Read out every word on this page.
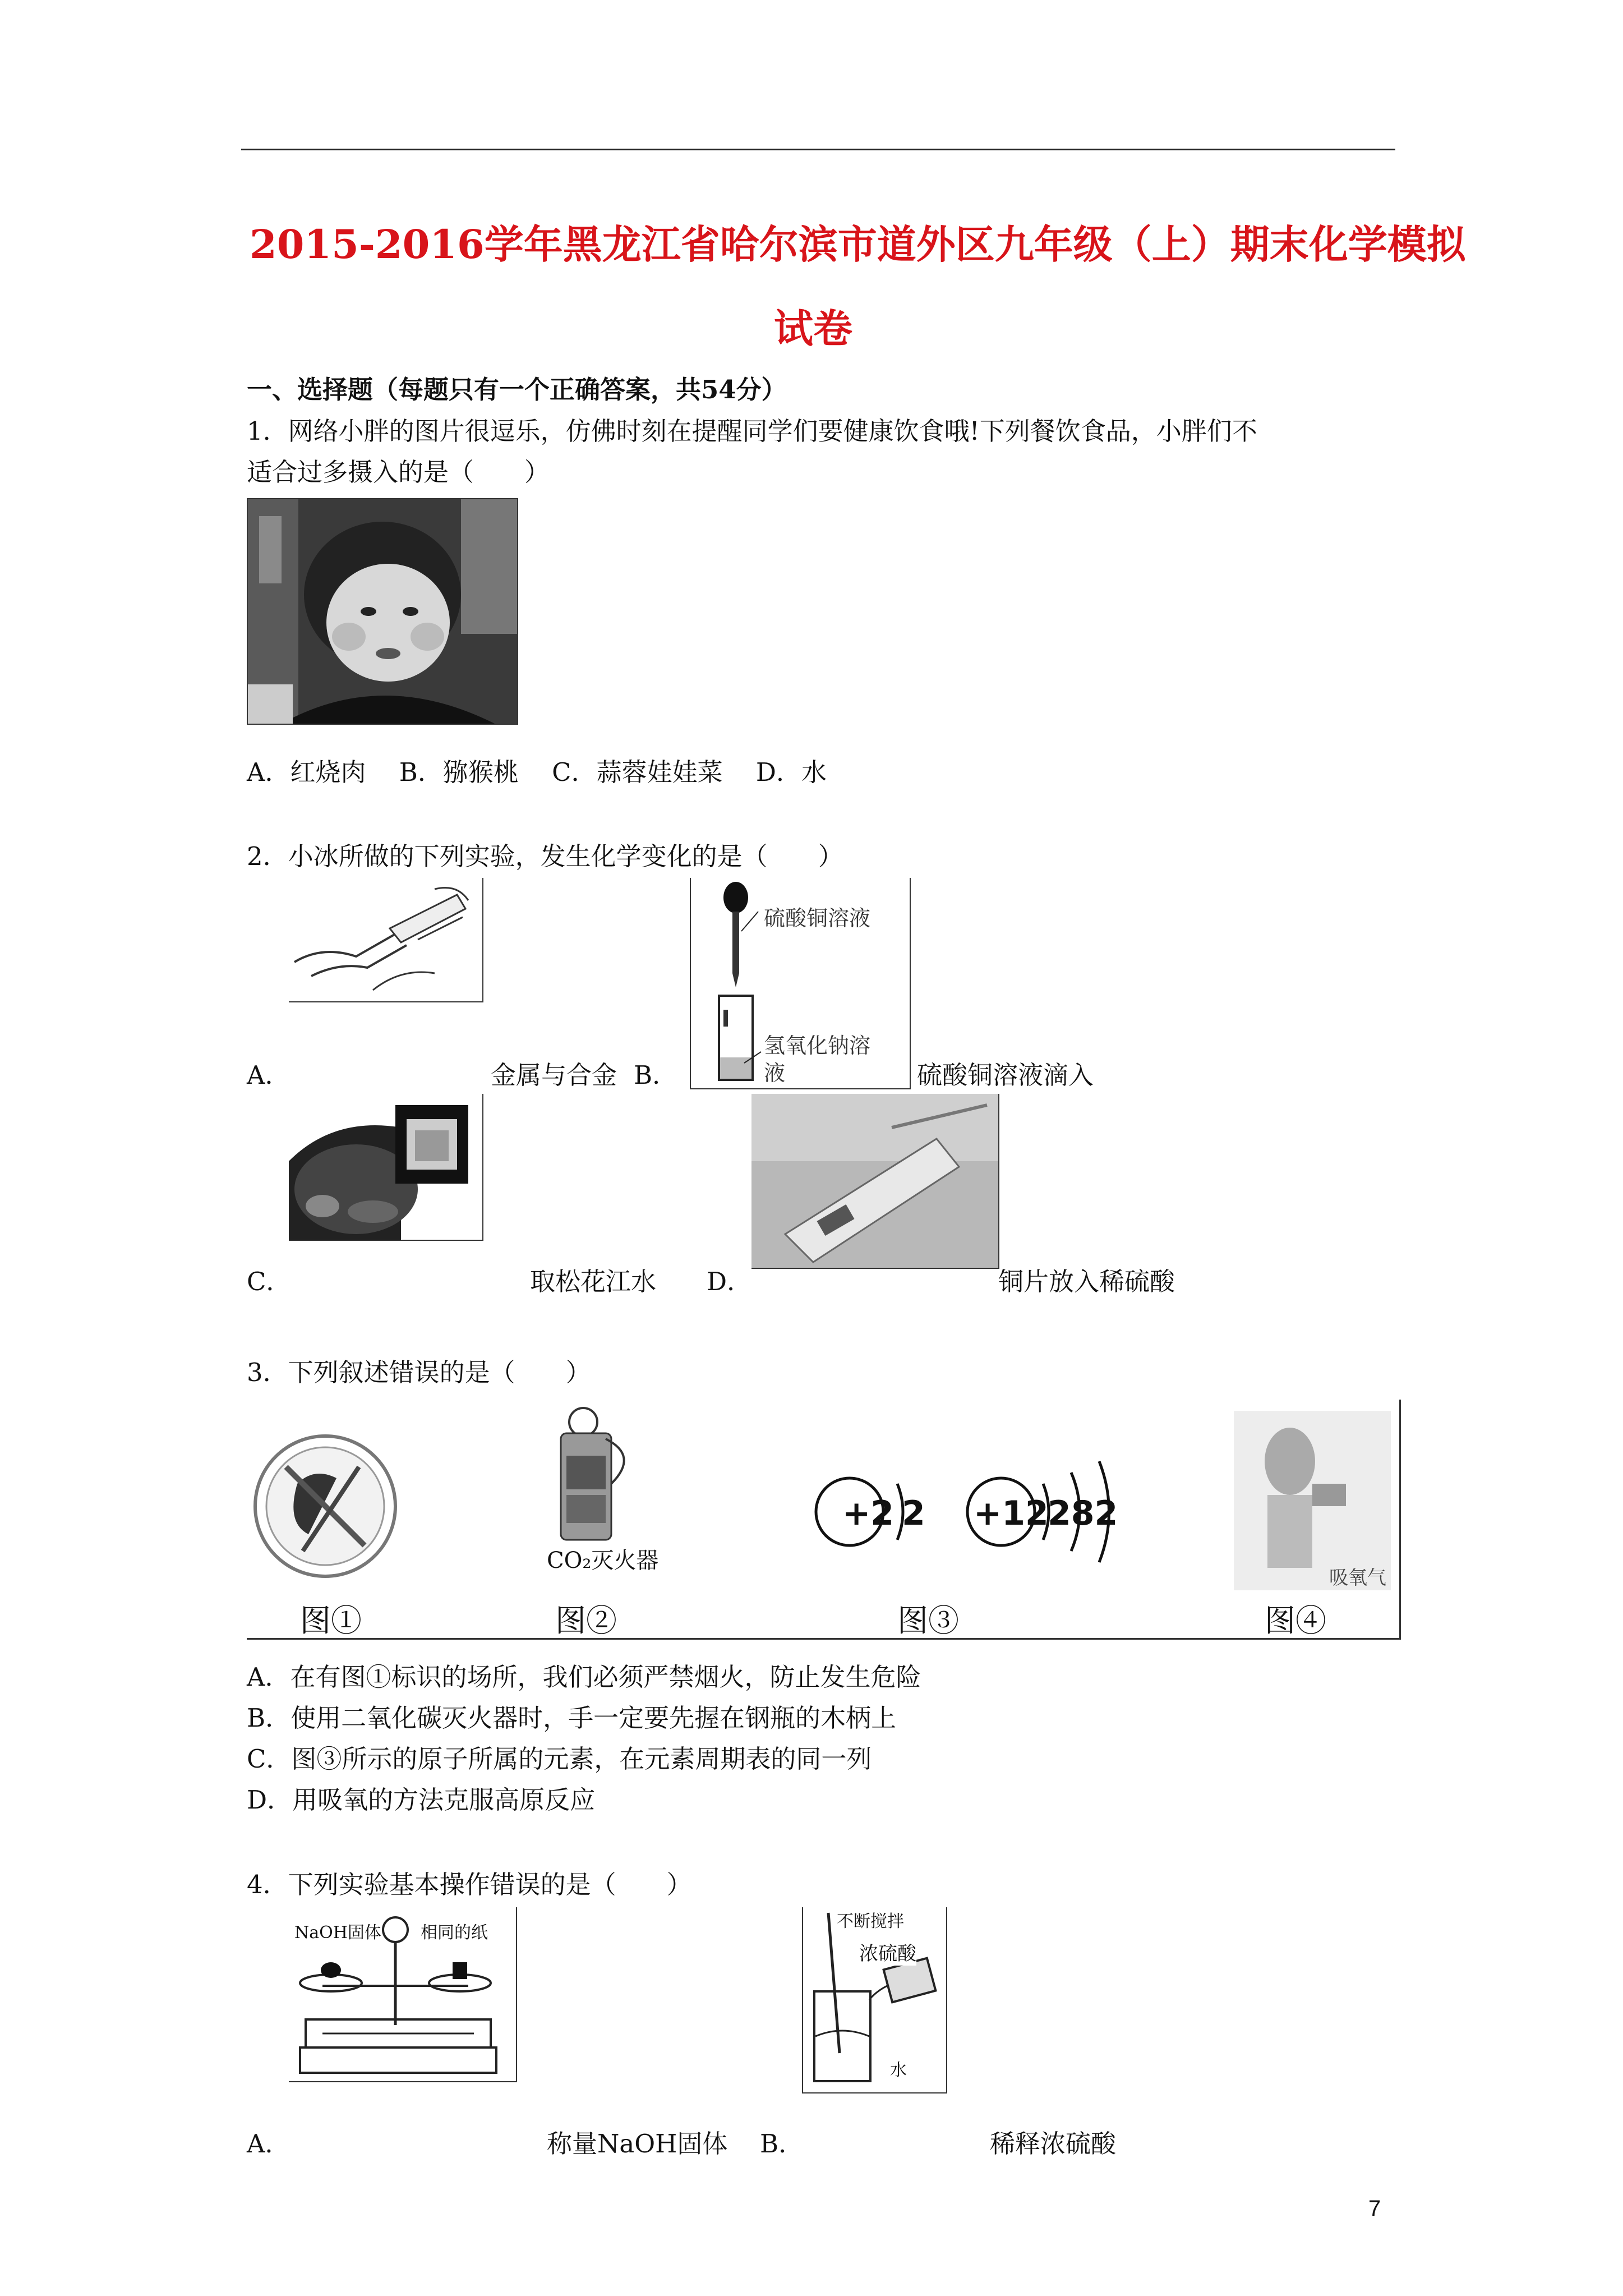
2015-2016学年黑龙江省哈尔滨市道外区九年级（上）期末化学模拟
试卷
一、选择题（每题只有一个正确答案，共54分）
1．网络小胖的图片很逗乐，仿佛时刻在提醒同学们要健康饮食哦!下列餐饮食品，小胖们不
适合过多摄入的是（　　）
A．红烧肉　 B．猕猴桃　 C．蒜蓉娃娃菜　 D．水
2．小冰所做的下列实验，发生化学变化的是（　　）
A．	金属与合金
硫酸铜溶液
氢氧化钠溶液
B．	硫酸铜溶液滴入
C．	取松花江水 D．	铜片放入稀硫酸
3．下列叙述错误的是（　　）
+2 2 +12
282
CO₂灭火器
吸氧气
图①	图②	图③	图④
A．在有图①标识的场所，我们必须严禁烟火，防止发生危险
B．使用二氧化碳灭火器时，手一定要先握在钢瓶的木柄上
C．图③所示的原子所属的元素，在元素周期表的同一列
D．用吸氧的方法克服高原反应
4．下列实验基本操作错误的是（　　）
NaOH固体 相同的纸
A．	称量NaOH固体
不断搅拌
浓硫酸
水
B．	稀释浓硫酸
7
